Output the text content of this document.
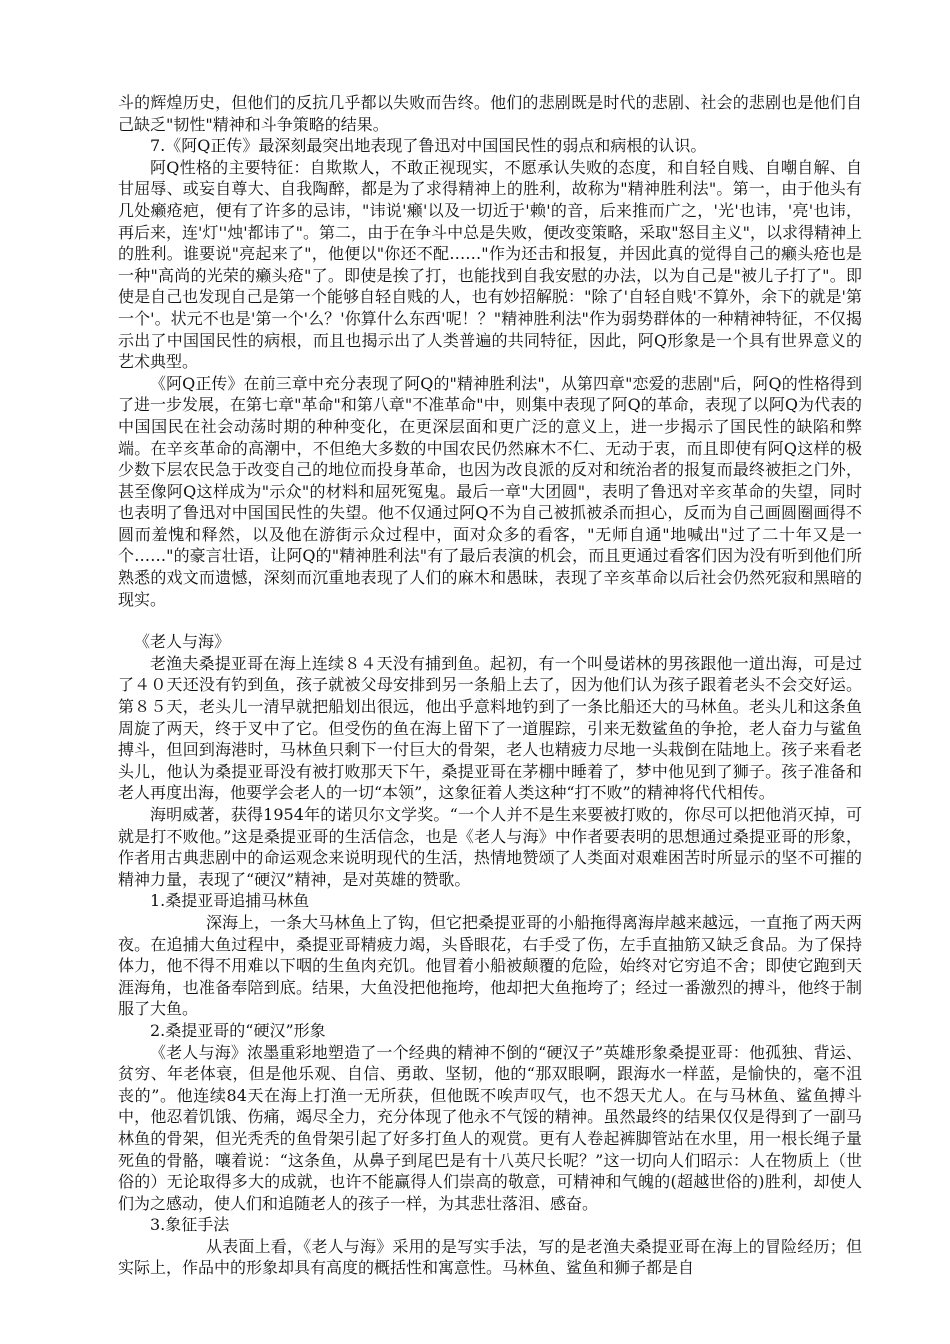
斗的辉煌历史，但他们的反抗几乎都以失败而告终。他们的悲剧既是时代的悲剧、社会的悲剧也是他们自己缺乏"韧性"精神和斗争策略的结果。

7.《阿Q正传》最深刻最突出地表现了鲁迅对中国国民性的弱点和病根的认识。

阿Q性格的主要特征：自欺欺人，不敢正视现实，不愿承认失败的态度，和自轻自贱、自嘲自解、自甘屈辱、或妄自尊大、自我陶醉，都是为了求得精神上的胜利，故称为"精神胜利法"。第一，由于他头有几处癞疮疤，便有了许多的忌讳，"讳说'癞'以及一切近于'赖'的音，后来推而广之，'光'也讳，'亮'也讳，再后来，连'灯''烛'都讳了"。第二，由于在争斗中总是失败，便改变策略，采取"怒目主义"，以求得精神上的胜利。谁要说"亮起来了"，他便以"你还不配……"作为还击和报复，并因此真的觉得自己的癞头疮也是一种"高尚的光荣的癞头疮"了。即使是挨了打，也能找到自我安慰的办法，以为自己是"被儿子打了"。即使是自己也发现自己是第一个能够自轻自贱的人，也有妙招解脱："除了'自轻自贱'不算外，余下的就是'第一个'。状元不也是'第一个'么？'你算什么东西'呢！？"精神胜利法"作为弱势群体的一种精神特征，不仅揭示出了中国国民性的病根，而且也揭示出了人类普遍的共同特征，因此，阿Q形象是一个具有世界意义的艺术典型。

《阿Q正传》在前三章中充分表现了阿Q的"精神胜利法"，从第四章"恋爱的悲剧"后，阿Q的性格得到了进一步发展，在第七章"革命"和第八章"不准革命"中，则集中表现了阿Q的革命，表现了以阿Q为代表的中国国民在社会动荡时期的种种变化，在更深层面和更广泛的意义上，进一步揭示了国民性的缺陷和弊端。在辛亥革命的高潮中，不但绝大多数的中国农民仍然麻木不仁、无动于衷，而且即使有阿Q这样的极少数下层农民急于改变自己的地位而投身革命，也因为改良派的反对和统治者的报复而最终被拒之门外，甚至像阿Q这样成为"示众"的材料和屈死冤鬼。最后一章"大团圆"，表明了鲁迅对辛亥革命的失望，同时也表明了鲁迅对中国国民性的失望。他不仅通过阿Q不为自己被抓被杀而担心，反而为自己画圆圈画得不圆而羞愧和释然，以及他在游街示众过程中，面对众多的看客，"无师自通"地喊出"过了二十年又是一个……"的豪言壮语，让阿Q的"精神胜利法"有了最后表演的机会，而且更通过看客们因为没有听到他们所熟悉的戏文而遗憾，深刻而沉重地表现了人们的麻木和愚昧，表现了辛亥革命以后社会仍然死寂和黑暗的现实。

《老人与海》

老渔夫桑提亚哥在海上连续８４天没有捕到鱼。起初，有一个叫曼诺林的男孩跟他一道出海，可是过了４０天还没有钓到鱼，孩子就被父母安排到另一条船上去了，因为他们认为孩子跟着老头不会交好运。第８５天，老头儿一清早就把船划出很远，他出乎意料地钓到了一条比船还大的马林鱼。老头儿和这条鱼周旋了两天，终于叉中了它。但受伤的鱼在海上留下了一道腥踪，引来无数鲨鱼的争抢，老人奋力与鲨鱼搏斗，但回到海港时，马林鱼只剩下一付巨大的骨架，老人也精疲力尽地一头栽倒在陆地上。孩子来看老头儿，他认为桑提亚哥没有被打败那天下午，桑提亚哥在茅棚中睡着了，梦中他见到了狮子。孩子准备和老人再度出海，他要学会老人的一切“本领”，这象征着人类这种“打不败”的精神将代代相传。

海明威著，获得1954年的诺贝尔文学奖。“一个人并不是生来要被打败的，你尽可以把他消灭掉，可就是打不败他。”这是桑提亚哥的生活信念，也是《老人与海》中作者要表明的思想通过桑提亚哥的形象，作者用古典悲剧中的命运观念来说明现代的生活，热情地赞颂了人类面对艰难困苦时所显示的坚不可摧的精神力量，表现了“硬汉”精神，是对英雄的赞歌。

1.桑提亚哥追捕马林鱼

深海上，一条大马林鱼上了钩，但它把桑提亚哥的小船拖得离海岸越来越远，一直拖了两天两夜。在追捕大鱼过程中，桑提亚哥精疲力竭，头昏眼花，右手受了伤，左手直抽筋又缺乏食品。为了保持体力，他不得不用难以下咽的生鱼肉充饥。他冒着小船被颠覆的危险，始终对它穷追不舍；即使它跑到天涯海角，也准备奉陪到底。结果，大鱼没把他拖垮，他却把大鱼拖垮了；经过一番激烈的搏斗，他终于制服了大鱼。

2.桑提亚哥的“硬汉”形象

《老人与海》浓墨重彩地塑造了一个经典的精神不倒的“硬汉子”英雄形象桑提亚哥：他孤独、背运、贫穷、年老体衰，但是他乐观、自信、勇敢、坚韧，他的“那双眼啊，跟海水一样蓝，是愉快的，毫不沮丧的”。他连续84天在海上打渔一无所获，但他既不唉声叹气，也不怨天尤人。在与马林鱼、鲨鱼搏斗中，他忍着饥饿、伤痛，竭尽全力，充分体现了他永不气馁的精神。虽然最终的结果仅仅是得到了一副马林鱼的骨架，但光秃秃的鱼骨架引起了好多打鱼人的观赏。更有人卷起裤脚管站在水里，用一根长绳子量死鱼的骨骼，嚷着说：“这条鱼，从鼻子到尾巴是有十八英尺长呢？”这一切向人们昭示：人在物质上（世俗的）无论取得多大的成就，也许不能赢得人们崇高的敬意，可精神和气魄的(超越世俗的)胜利，却使人们为之感动，使人们和追随老人的孩子一样，为其悲壮落泪、感奋。

3.象征手法

从表面上看，《老人与海》采用的是写实手法，写的是老渔夫桑提亚哥在海上的冒险经历；但实际上，作品中的形象却具有高度的概括性和寓意性。马林鱼、鲨鱼和狮子都是自
